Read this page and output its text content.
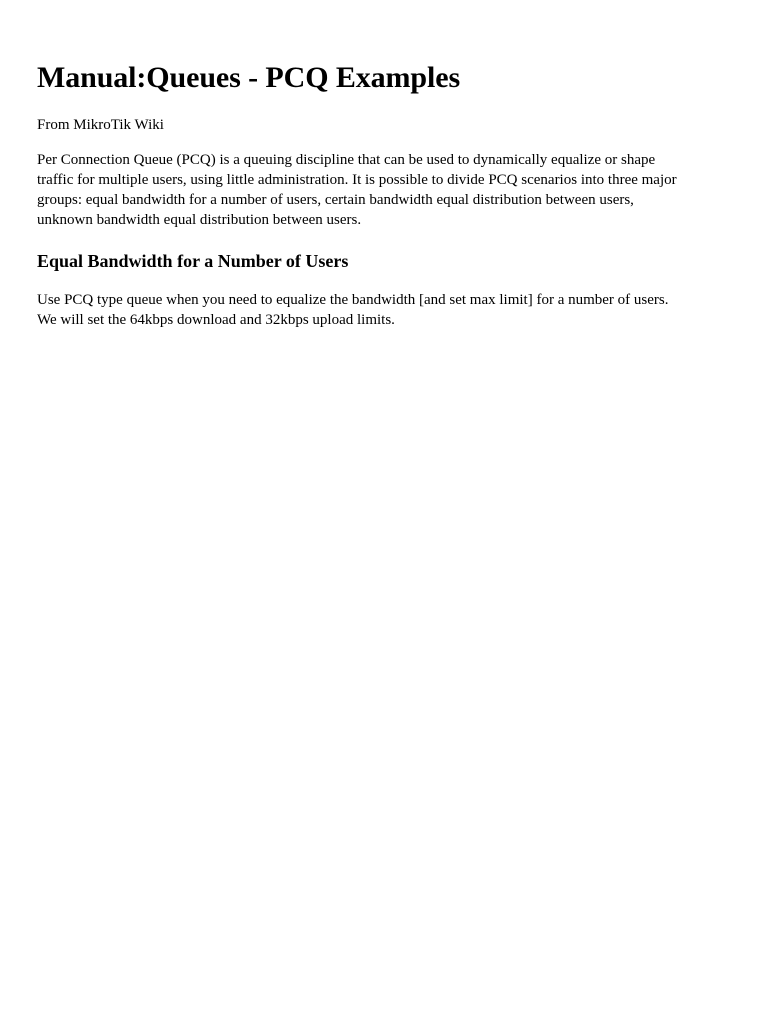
Manual:Queues - PCQ Examples
From MikroTik Wiki

Per Connection Queue (PCQ) is a queuing discipline that can be used to dynamically equalize or shape
traffic for multiple users, using little administration. It is possible to divide PCQ scenarios into three major
groups: equal bandwidth for a number of users, certain bandwidth equal distribution between users,
unknown bandwidth equal distribution between users.

Equal Bandwidth for a Number of Users

Use PCQ type queue when you need to equalize the bandwidth [and set max limit] for a number of users.
We will set the 64kbps download and 32kbps upload limits.
